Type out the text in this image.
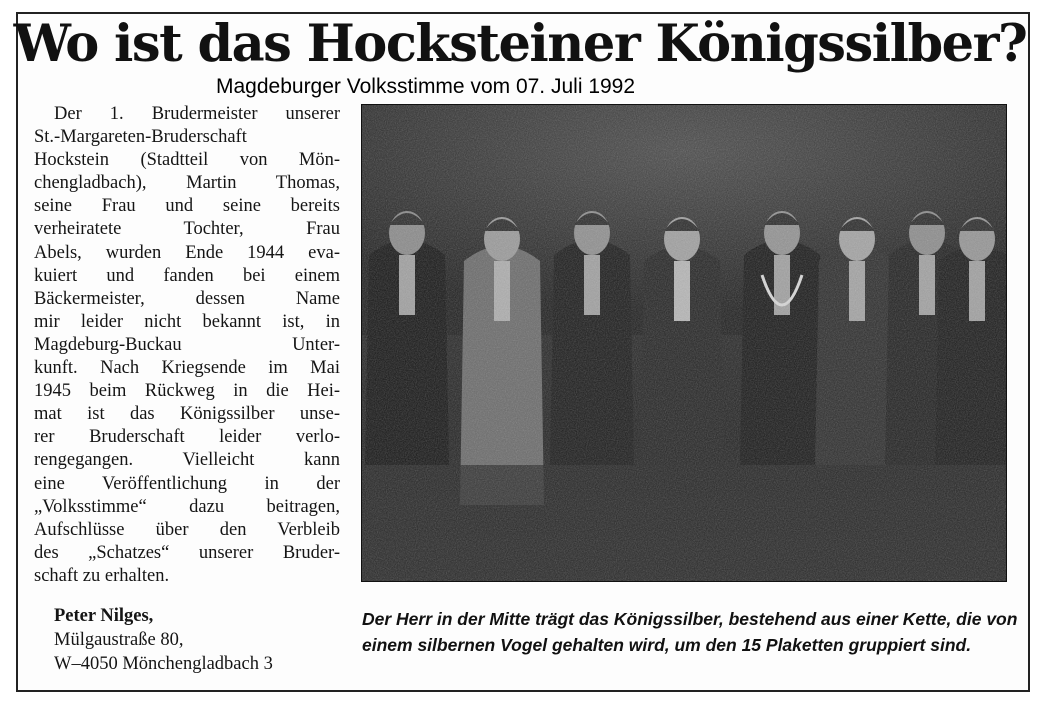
Wo ist das Hocksteiner Königssilber?
Magdeburger Volksstimme vom 07. Juli 1992
Der 1. Brudermeister unserer
St.-Margareten-Bruderschaft
Hockstein (Stadtteil von Mön-
chengladbach), Martin Thomas,
seine Frau und seine bereits
verheiratete Tochter, Frau
Abels, wurden Ende 1944 eva-
kuiert und fanden bei einem
Bäckermeister, dessen Name
mir leider nicht bekannt ist, in
Magdeburg-Buckau Unter-
kunft. Nach Kriegsende im Mai
1945 beim Rückweg in die Hei-
mat ist das Königssilber unse-
rer Bruderschaft leider verlo-
rengegangen. Vielleicht kann
eine Veröffentlichung in der
„Volksstimme“ dazu beitragen,
Aufschlüsse über den Verbleib
des „Schatzes“ unserer Bruder-
schaft zu erhalten.
Peter Nilges,
Mülgaustraße 80,
W–4050 Mönchengladbach 3
Der Herr in der Mitte trägt das Königssilber, bestehend aus einer Kette, die von einem silbernen Vogel gehalten wird, um den 15 Plaketten gruppiert sind.
